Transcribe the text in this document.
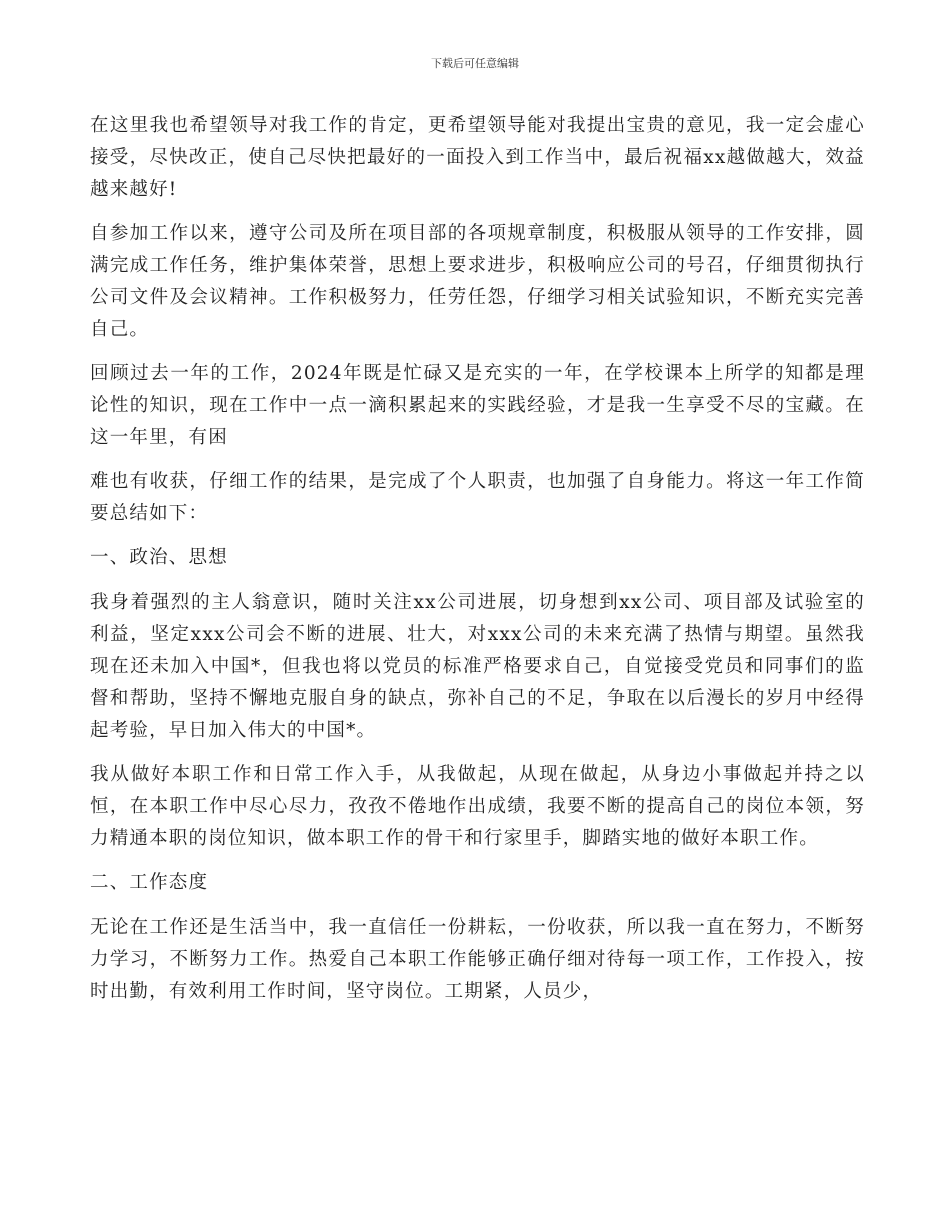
下载后可任意编辑

在这里我也希望领导对我工作的肯定，更希望领导能对我提出宝贵的意见，我一定会虚心接受，尽快改正，使自己尽快把最好的一面投入到工作当中，最后祝福xx越做越大，效益越来越好!

自参加工作以来，遵守公司及所在项目部的各项规章制度，积极服从领导的工作安排，圆满完成工作任务，维护集体荣誉，思想上要求进步，积极响应公司的号召，仔细贯彻执行公司文件及会议精神。工作积极努力，任劳任怨，仔细学习相关试验知识，不断充实完善自己。

回顾过去一年的工作，2024年既是忙碌又是充实的一年，在学校课本上所学的知都是理论性的知识，现在工作中一点一滴积累起来的实践经验，才是我一生享受不尽的宝藏。在这一年里，有困

难也有收获，仔细工作的结果，是完成了个人职责，也加强了自身能力。将这一年工作简要总结如下：

一、政治、思想

我身着强烈的主人翁意识，随时关注xx公司进展，切身想到xx公司、项目部及试验室的利益，坚定xxx公司会不断的进展、壮大，对xxx公司的未来充满了热情与期望。虽然我现在还未加入中国*，但我也将以党员的标准严格要求自己，自觉接受党员和同事们的监督和帮助，坚持不懈地克服自身的缺点，弥补自己的不足，争取在以后漫长的岁月中经得起考验，早日加入伟大的中国*。

我从做好本职工作和日常工作入手，从我做起，从现在做起，从身边小事做起并持之以恒，在本职工作中尽心尽力，孜孜不倦地作出成绩，我要不断的提高自己的岗位本领，努力精通本职的岗位知识，做本职工作的骨干和行家里手，脚踏实地的做好本职工作。

二、工作态度

无论在工作还是生活当中，我一直信任一份耕耘，一份收获，所以我一直在努力，不断努力学习，不断努力工作。热爱自己本职工作能够正确仔细对待每一项工作，工作投入，按时出勤，有效利用工作时间，坚守岗位。工期紧，人员少，
